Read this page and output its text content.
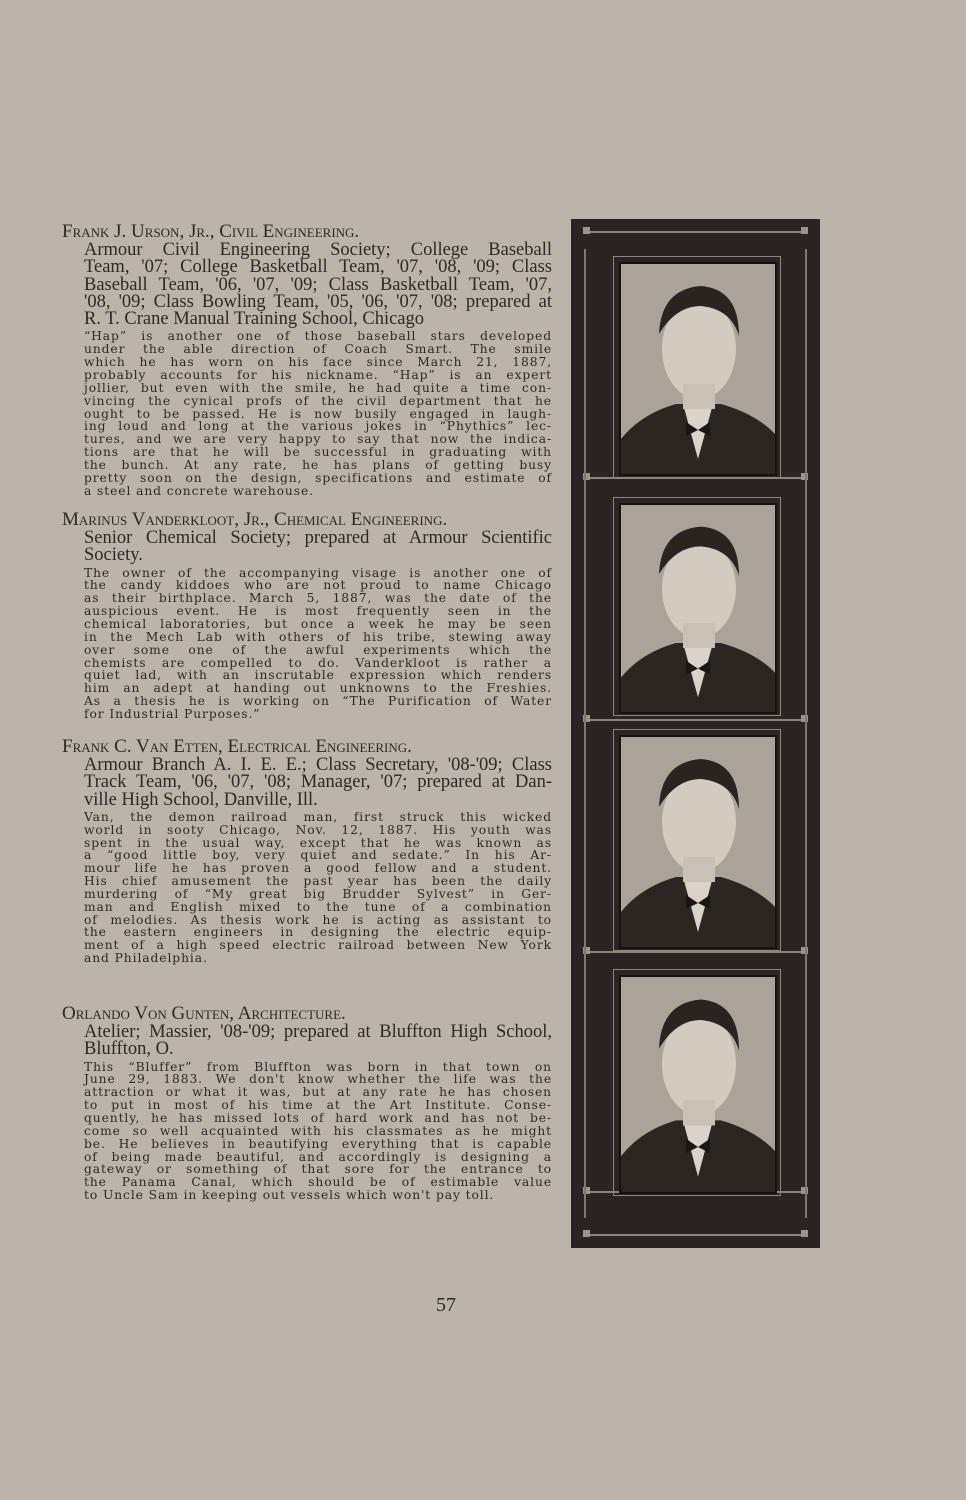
Frank J. Urson, Jr., Civil Engineering.
Armour Civil Engineering Society; College Baseball
Team, '07; College Basketball Team, '07, '08, '09; Class
Baseball Team, '06, '07, '09; Class Basketball Team, '07,
'08, '09; Class Bowling Team, '05, '06, '07, '08; prepared at
R. T. Crane Manual Training School, Chicago
“Hap” is another one of those baseball stars developed
under the able direction of Coach Smart. The smile
which he has worn on his face since March 21, 1887,
probably accounts for his nickname. “Hap” is an expert
jollier, but even with the smile, he had quite a time con-
vincing the cynical profs of the civil department that he
ought to be passed. He is now busily engaged in laugh-
ing loud and long at the various jokes in “Phythics” lec-
tures, and we are very happy to say that now the indica-
tions are that he will be successful in graduating with
the bunch. At any rate, he has plans of getting busy
pretty soon on the design, specifications and estimate of
a steel and concrete warehouse.
Marinus Vanderkloot, Jr., Chemical Engineering.
Senior Chemical Society; prepared at Armour Scientific
Society.
The owner of the accompanying visage is another one of
the candy kiddoes who are not proud to name Chicago
as their birthplace. March 5, 1887, was the date of the
auspicious event. He is most frequently seen in the
chemical laboratories, but once a week he may be seen
in the Mech Lab with others of his tribe, stewing away
over some one of the awful experiments which the
chemists are compelled to do. Vanderkloot is rather a
quiet lad, with an inscrutable expression which renders
him an adept at handing out unknowns to the Freshies.
As a thesis he is working on “The Purification of Water
for Industrial Purposes.”
Frank C. Van Etten, Electrical Engineering.
Armour Branch A. I. E. E.; Class Secretary, '08-'09; Class
Track Team, '06, '07, '08; Manager, '07; prepared at Dan-
ville High School, Danville, Ill.
Van, the demon railroad man, first struck this wicked
world in sooty Chicago, Nov. 12, 1887. His youth was
spent in the usual way, except that he was known as
a “good little boy, very quiet and sedate.” In his Ar-
mour life he has proven a good fellow and a student.
His chief amusement the past year has been the daily
murdering of “My great big Brudder Sylvest” in Ger-
man and English mixed to the tune of a combination
of melodies. As thesis work he is acting as assistant to
the eastern engineers in designing the electric equip-
ment of a high speed electric railroad between New York
and Philadelphia.
Orlando Von Gunten, Architecture.
Atelier; Massier, '08-'09; prepared at Bluffton High School,
Bluffton, O.
This “Bluffer” from Bluffton was born in that town on
June 29, 1883. We don't know whether the life was the
attraction or what it was, but at any rate he has chosen
to put in most of his time at the Art Institute. Conse-
quently, he has missed lots of hard work and has not be-
come so well acquainted with his classmates as he might
be. He believes in beautifying everything that is capable
of being made beautiful, and accordingly is designing a
gateway or something of that sore for the entrance to
the Panama Canal, which should be of estimable value
to Uncle Sam in keeping out vessels which won't pay toll.
57
